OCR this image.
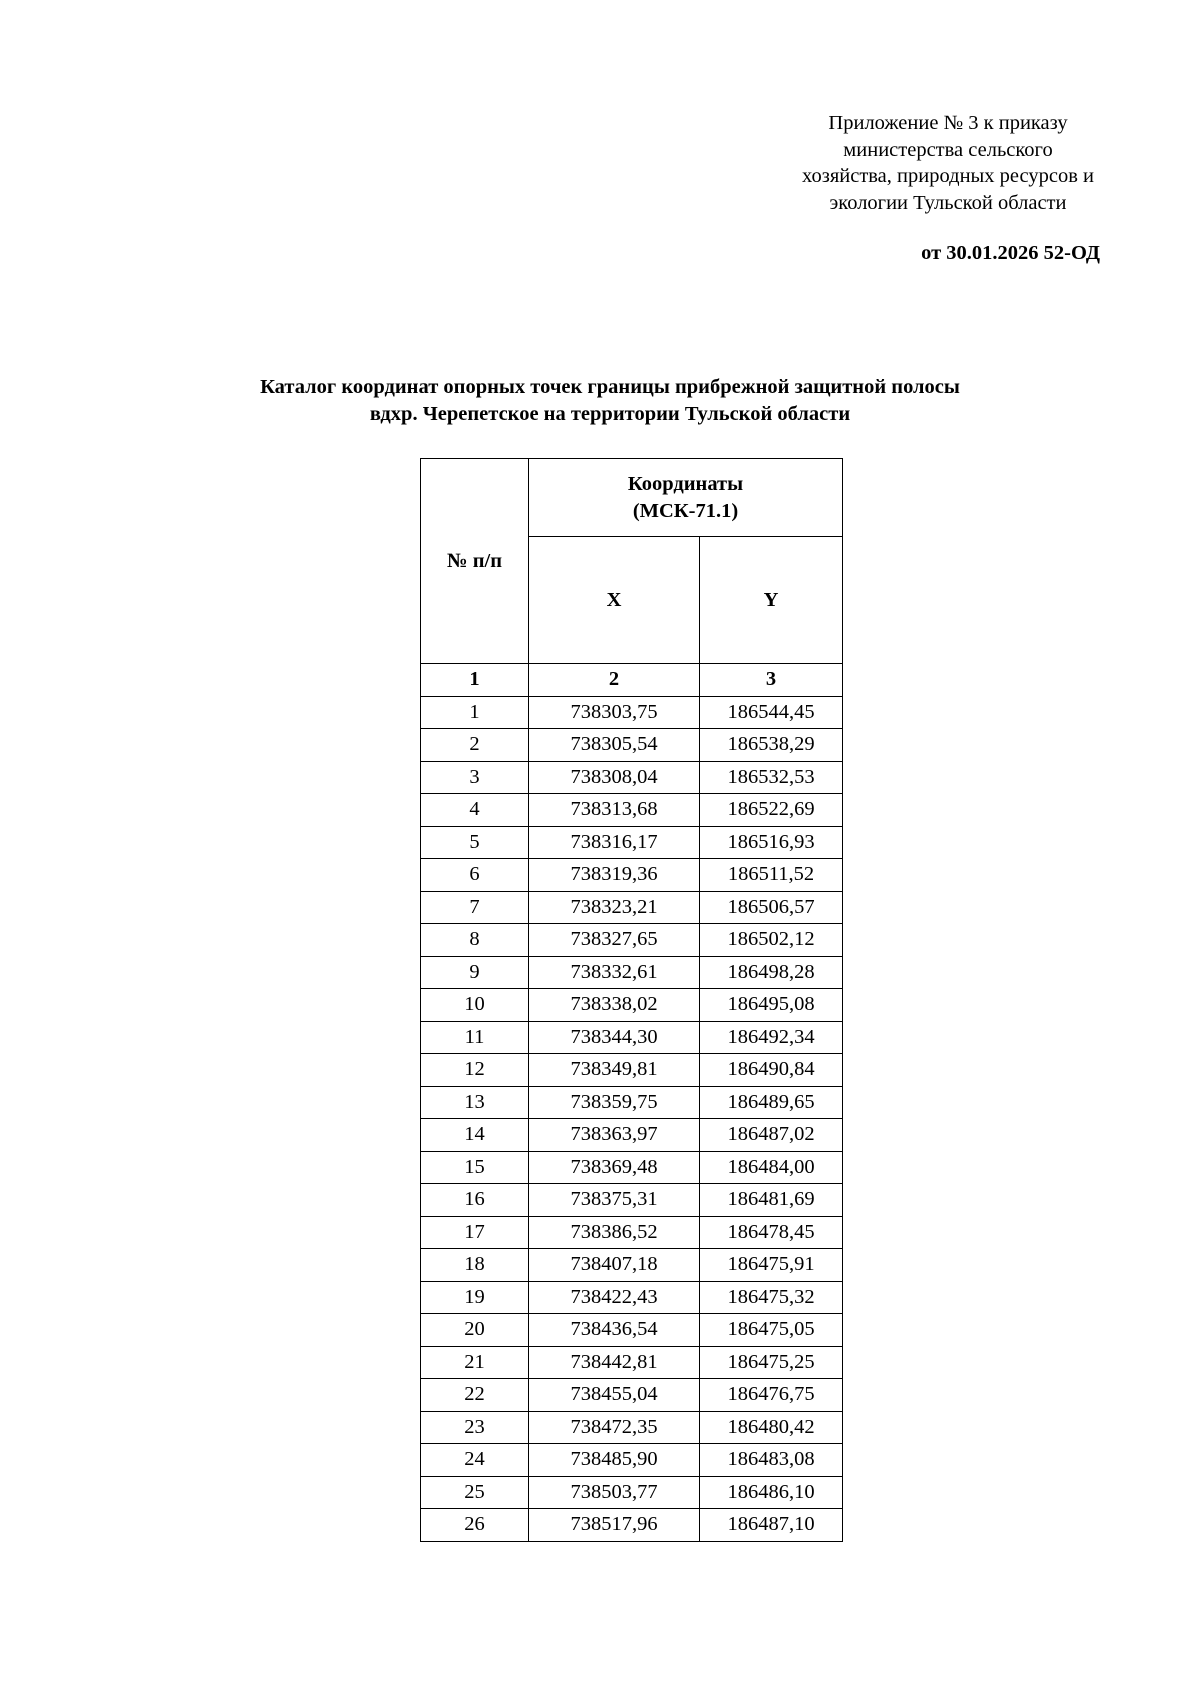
Приложение № 3 к приказу
министерства сельского
хозяйства, природных ресурсов и
экологии Тульской области
от 30.01.2026 52-ОД
Каталог координат опорных точек границы прибрежной защитной полосы
вдхр. Черепетское на территории Тульской области
№ п/п	Координаты
(МСК-71.1)	

	X	Y
1	2	3
1	738303,75	186544,45
2	738305,54	186538,29
3	738308,04	186532,53
4	738313,68	186522,69
5	738316,17	186516,93
6	738319,36	186511,52
7	738323,21	186506,57
8	738327,65	186502,12
9	738332,61	186498,28
10	738338,02	186495,08
11	738344,30	186492,34
12	738349,81	186490,84
13	738359,75	186489,65
14	738363,97	186487,02
15	738369,48	186484,00
16	738375,31	186481,69
17	738386,52	186478,45
18	738407,18	186475,91
19	738422,43	186475,32
20	738436,54	186475,05
21	738442,81	186475,25
22	738455,04	186476,75
23	738472,35	186480,42
24	738485,90	186483,08
25	738503,77	186486,10
26	738517,96	186487,10
